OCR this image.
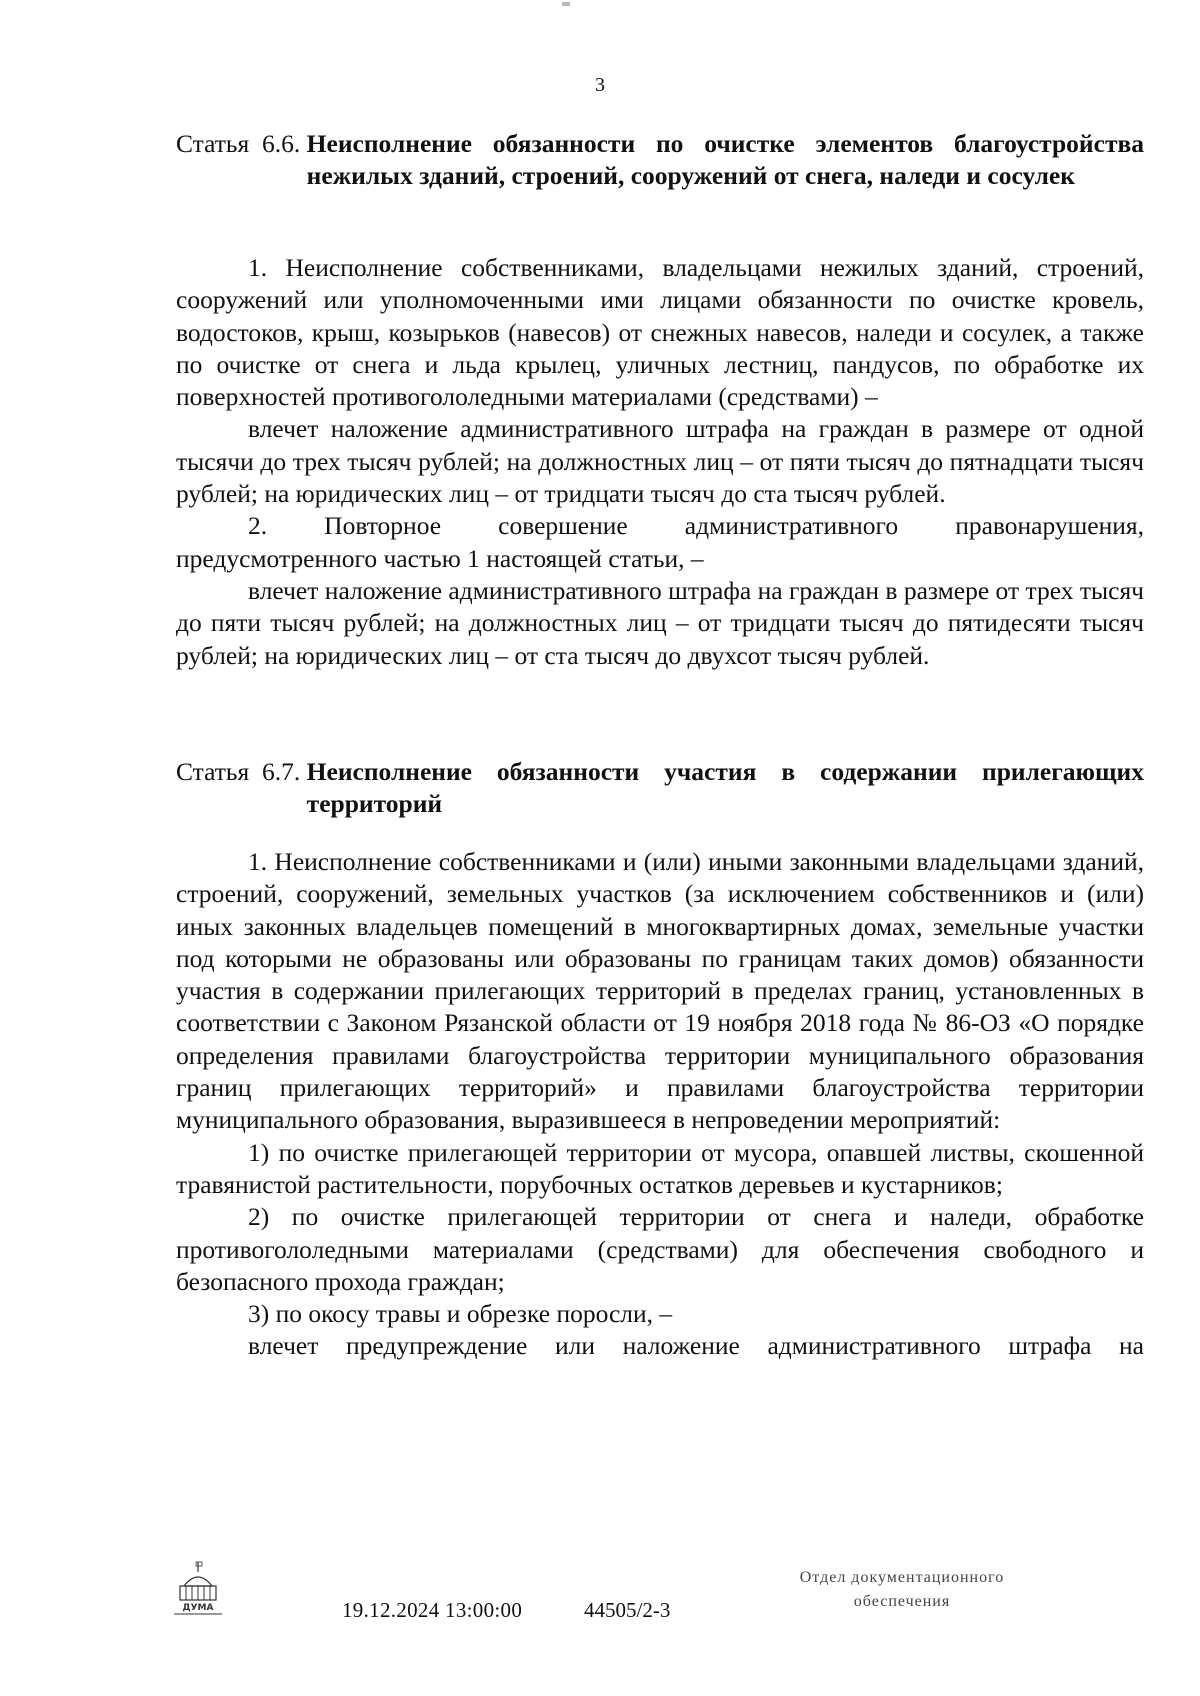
3
Статья  6.6. Неисполнение обязанности по очистке элементов благоустройства нежилых зданий, строений, сооружений от снега, наледи и сосулек

1. Неисполнение собственниками, владельцами нежилых зданий, строений, сооружений или уполномоченными ими лицами обязанности по очистке кровель, водостоков, крыш, козырьков (навесов) от снежных навесов, наледи и сосулек, а также по очистке от снега и льда крылец, уличных лестниц, пандусов, по обработке их поверхностей противогололедными материалами (средствами) –

влечет наложение административного штрафа на граждан в размере от одной тысячи до трех тысяч рублей; на должностных лиц – от пяти тысяч до пятнадцати тысяч рублей; на юридических лиц – от тридцати тысяч до ста тысяч рублей.

2. Повторное совершение административного правонарушения, предусмотренного частью 1 настоящей статьи, –

влечет наложение административного штрафа на граждан в размере от трех тысяч до пяти тысяч рублей; на должностных лиц – от тридцати тысяч до пятидесяти тысяч рублей; на юридических лиц – от ста тысяч до двухсот тысяч рублей.

Статья  6.7. Неисполнение обязанности участия в содержании прилегающих территорий

1. Неисполнение собственниками и (или) иными законными владельцами зданий, строений, сооружений, земельных участков (за исключением собственников и (или) иных законных владельцев помещений в многоквартирных домах, земельные участки под которыми не образованы или образованы по границам таких домов) обязанности участия в содержании прилегающих территорий в пределах границ, установленных в соответствии с Законом Рязанской области от 19 ноября 2018 года № 86-ОЗ «О порядке определения правилами благоустройства территории муниципального образования границ прилегающих территорий» и правилами благоустройства территории муниципального образования, выразившееся в непроведении мероприятий:

1) по очистке прилегающей территории от мусора, опавшей листвы, скошенной травянистой растительности, порубочных остатков деревьев и кустарников;

2) по очистке прилегающей территории от снега и наледи, обработке противогололедными материалами (средствами) для обеспечения свободного и безопасного прохода граждан;

3) по окосу травы и обрезке поросли, –

влечет предупреждение или наложение административного штрафа на

ДУМА	19.12.2024 13:00:00	44505/2-3
Отдел документационного
обеспечения
